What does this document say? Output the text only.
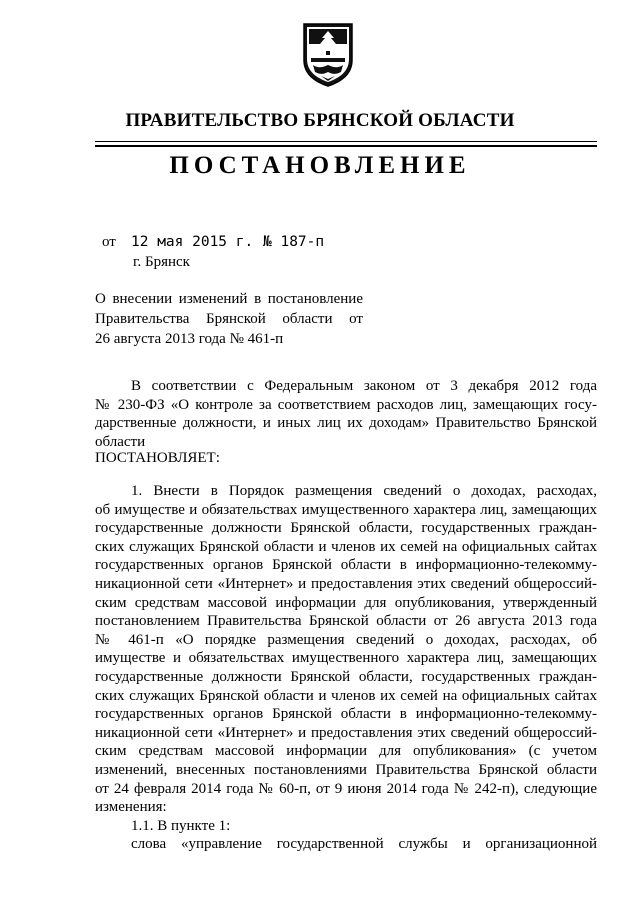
ПРАВИТЕЛЬСТВО БРЯНСКОЙ ОБЛАСТИ
ПОСТАНОВЛЕНИЕ
от 12 мая 2015 г. № 187-п
г. Брянск
О внесении изменений в постановление
Правительства Брянской области от
26 августа 2013 года № 461-п
В соответствии с Федеральным законом от 3 декабря 2012 года
№ 230-ФЗ «О контроле за соответствием расходов лиц, замещающих госу-
дарственные должности, и иных лиц их доходам» Правительство Брянской
области
ПОСТАНОВЛЯЕТ:
1. Внести в Порядок размещения сведений о доходах, расходах,
об имуществе и обязательствах имущественного характера лиц, замещающих
государственные должности Брянской области, государственных граждан-
ских служащих Брянской области и членов их семей на официальных сайтах
государственных органов Брянской области в информационно-телекомму-
никационной сети «Интернет» и предоставления этих сведений общероссий-
ским средствам массовой информации для опубликования, утвержденный
постановлением Правительства Брянской области от 26 августа 2013 года
№ 461-п «О порядке размещения сведений о доходах, расходах, об
имуществе и обязательствах имущественного характера лиц, замещающих
государственные должности Брянской области, государственных граждан-
ских служащих Брянской области и членов их семей на официальных сайтах
государственных органов Брянской области в информационно-телекомму-
никационной сети «Интернет» и предоставления этих сведений общероссий-
ским средствам массовой информации для опубликования» (с учетом
изменений, внесенных постановлениями Правительства Брянской области
от 24 февраля 2014 года № 60-п, от 9 июня 2014 года № 242-п), следующие
изменения:
1.1. В пункте 1:
слова «управление государственной службы и организационной
